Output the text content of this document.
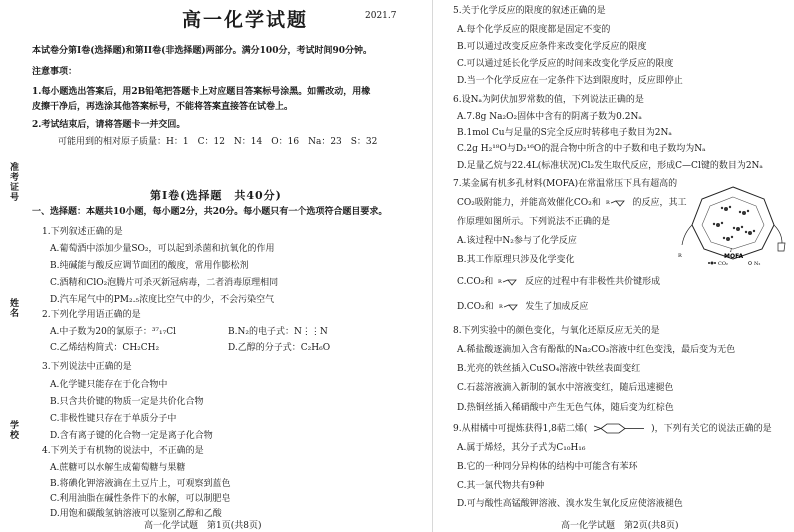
准考证号
姓名
学校
高一化学试题	2021.7
本试卷分第I卷(选择题)和第II卷(非选择题)两部分。满分100分，考试时间90分钟。
注意事项：
1.每小题选出答案后，用2B铅笔把答题卡上对应题目答案标号涂黑。如需改动，用橡
皮擦干净后，再选涂其他答案标号，不能将答案直接答在试卷上。
2.考试结束后，请将答题卡一并交回。
可能用到的相对原子质量：H：1　C：12　N：14　O：16　Na：23　S：32
第I卷(选择题　共40分)
一、选择题：本题共10小题，每小题2分，共20分。每小题只有一个选项符合题目要求。
1.下列叙述正确的是
A.葡萄酒中添加少量SO₂，可以起到杀菌和抗氧化的作用
B.纯碱能与酸反应调节面团的酸度，常用作膨松剂
C.酒精和ClO₂泡腾片可杀灭新冠病毒，二者消毒原理相同
D.汽车尾气中的PM₂.₅浓度比空气中的少，不会污染空气
2.下列化学用语正确的是
A.中子数为20的氯原子：³⁷₁₇Cl	B.N₂的电子式：N⋮⋮N
C.乙烯结构简式：CH₂CH₂	D.乙醇的分子式：C₂H₆O
3.下列说法中正确的是
A.化学键只能存在于化合物中
B.只含共价键的物质一定是共价化合物
C.非极性键只存在于单质分子中
D.含有离子键的化合物一定是离子化合物
4.下列关于有机物的说法中，不正确的是
A.蔗糖可以水解生成葡萄糖与果糖
B.将碘化钾溶液滴在土豆片上，可观察到蓝色
C.利用油脂在碱性条件下的水解，可以制肥皂
D.用饱和碳酸氢钠溶液可以鉴别乙醇和乙酸
高一化学试题　第1页(共8页)
5.关于化学反应的限度的叙述正确的是
A.每个化学反应的限度都是固定不变的
B.可以通过改变反应条件来改变化学反应的限度
C.可以通过延长化学反应的时间来改变化学反应的限度
D.当一个化学反应在一定条件下达到限度时，反应即停止
6.设Nₐ为阿伏加罗常数的值，下列说法正确的是
A.7.8g Na₂O₂固体中含有的阴离子数为0.2Nₐ
B.1mol Cu与足量的S完全反应时转移电子数目为2Nₐ
C.2g H₂¹⁸O与D₂¹⁶O的混合物中所含的中子数和电子数均为Nₐ
D.足量乙烷与22.4L(标准状况)Cl₂发生取代反应，形成C—Cl键的数目为2Nₐ
7.某金属有机多孔材料(MOFA)在常温常压下具有超高的
CO₂吸附能力，并能高效催化CO₂和 R	的反应，其工
作原理如图所示。下列说法不正确的是
A.该过程中N₂参与了化学反应
B.其工作原理只涉及化学变化
C.CO₂和 R	反应的过程中有非极性共价键形成
D.CO₂和 R	发生了加成反应
R
I
MOFA
CO₂	N₂
8.下列实验中的颜色变化，与氧化还原反应无关的是
A.稀盐酸逐滴加入含有酚酞的Na₂CO₃溶液中红色变浅，最后变为无色
B.光亮的铁丝插入CuSO₄溶液中铁丝表面变红
C.石蕊溶液滴入新制的氯水中溶液变红，随后迅速褪色
D.热铜丝插入稀硝酸中产生无色气体，随后变为红棕色
9.从柑橘中可提炼获得1,8萜二烯(	)，下列有关它的说法正确的是
A.属于烯烃，其分子式为C₁₀H₁₆
B.它的一种同分异构体的结构中可能含有苯环
C.其一氯代物共有9种
D.可与酸性高锰酸钾溶液、溴水发生氧化反应使溶液褪色
高一化学试题　第2页(共8页)
